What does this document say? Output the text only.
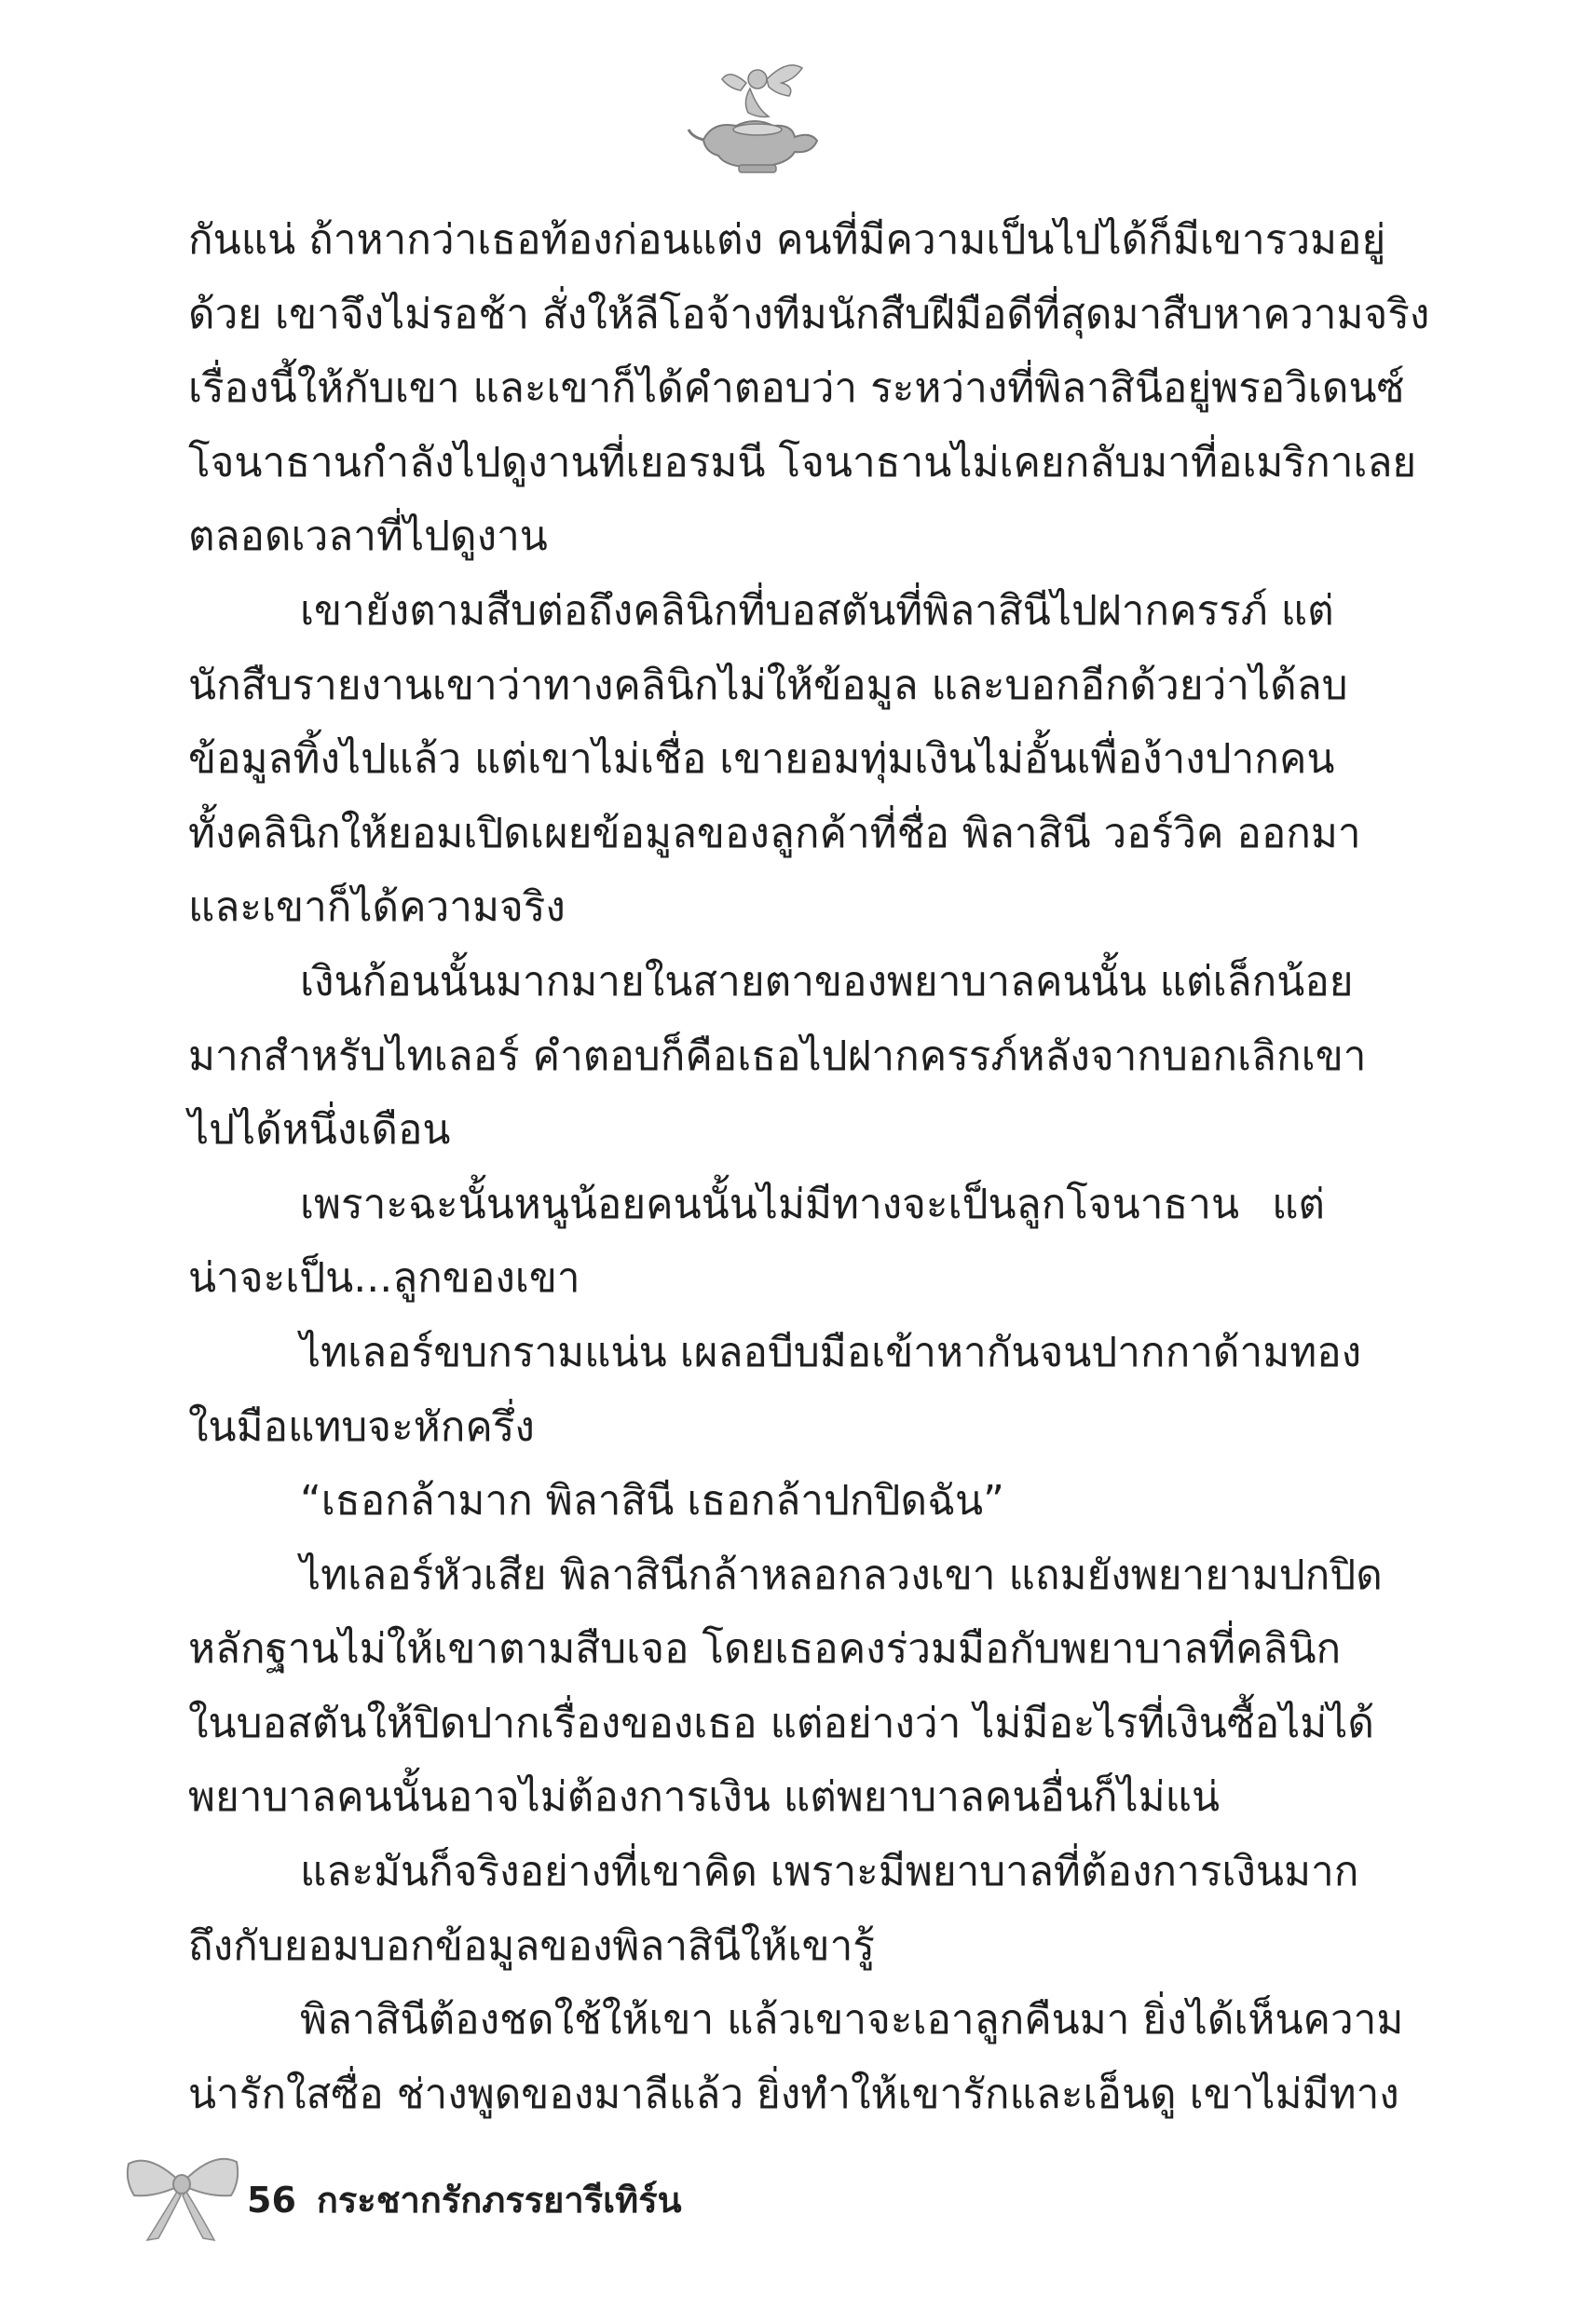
กันแน่ ถ้าหากว่าเธอท้องก่อนแต่ง คนที่มีความเป็นไปได้ก็มีเขารวมอยู่
ด้วย เขาจึงไม่รอช้า สั่งให้ลีโอจ้างทีมนักสืบฝีมือดีที่สุดมาสืบหาความจริง
เรื่องนี้ให้กับเขา และเขาก็ได้คำตอบว่า ระหว่างที่พิลาสินีอยู่พรอวิเดนซ์
โจนาธานกำลังไปดูงานที่เยอรมนี โจนาธานไม่เคยกลับมาที่อเมริกาเลย
ตลอดเวลาที่ไปดูงาน
เขายังตามสืบต่อถึงคลินิกที่บอสตันที่พิลาสินีไปฝากครรภ์ แต่
นักสืบรายงานเขาว่าทางคลินิกไม่ให้ข้อมูล และบอกอีกด้วยว่าได้ลบ
ข้อมูลทิ้งไปแล้ว แต่เขาไม่เชื่อ เขายอมทุ่มเงินไม่อั้นเพื่อง้างปากคน
ทั้งคลินิกให้ยอมเปิดเผยข้อมูลของลูกค้าที่ชื่อ พิลาสินี วอร์วิค ออกมา
และเขาก็ได้ความจริง
เงินก้อนนั้นมากมายในสายตาของพยาบาลคนนั้น แต่เล็กน้อย
มากสำหรับไทเลอร์ คำตอบก็คือเธอไปฝากครรภ์หลังจากบอกเลิกเขา
ไปได้หนึ่งเดือน
เพราะฉะนั้นหนูน้อยคนนั้นไม่มีทางจะเป็นลูกโจนาธาน แต่
น่าจะเป็น...ลูกของเขา
ไทเลอร์ขบกรามแน่น เผลอบีบมือเข้าหากันจนปากกาด้ามทอง
ในมือแทบจะหักครึ่ง
“เธอกล้ามาก พิลาสินี เธอกล้าปกปิดฉัน”
ไทเลอร์หัวเสีย พิลาสินีกล้าหลอกลวงเขา แถมยังพยายามปกปิด
หลักฐานไม่ให้เขาตามสืบเจอ โดยเธอคงร่วมมือกับพยาบาลที่คลินิก
ในบอสตันให้ปิดปากเรื่องของเธอ แต่อย่างว่า ไม่มีอะไรที่เงินซื้อไม่ได้
พยาบาลคนนั้นอาจไม่ต้องการเงิน แต่พยาบาลคนอื่นก็ไม่แน่
และมันก็จริงอย่างที่เขาคิด เพราะมีพยาบาลที่ต้องการเงินมาก
ถึงกับยอมบอกข้อมูลของพิลาสินีให้เขารู้
พิลาสินีต้องชดใช้ให้เขา แล้วเขาจะเอาลูกคืนมา ยิ่งได้เห็นความ
น่ารักใสซื่อ ช่างพูดของมาลีแล้ว ยิ่งทำให้เขารักและเอ็นดู เขาไม่มีทาง
56 กระชากรักภรรยารีเทิร์น
